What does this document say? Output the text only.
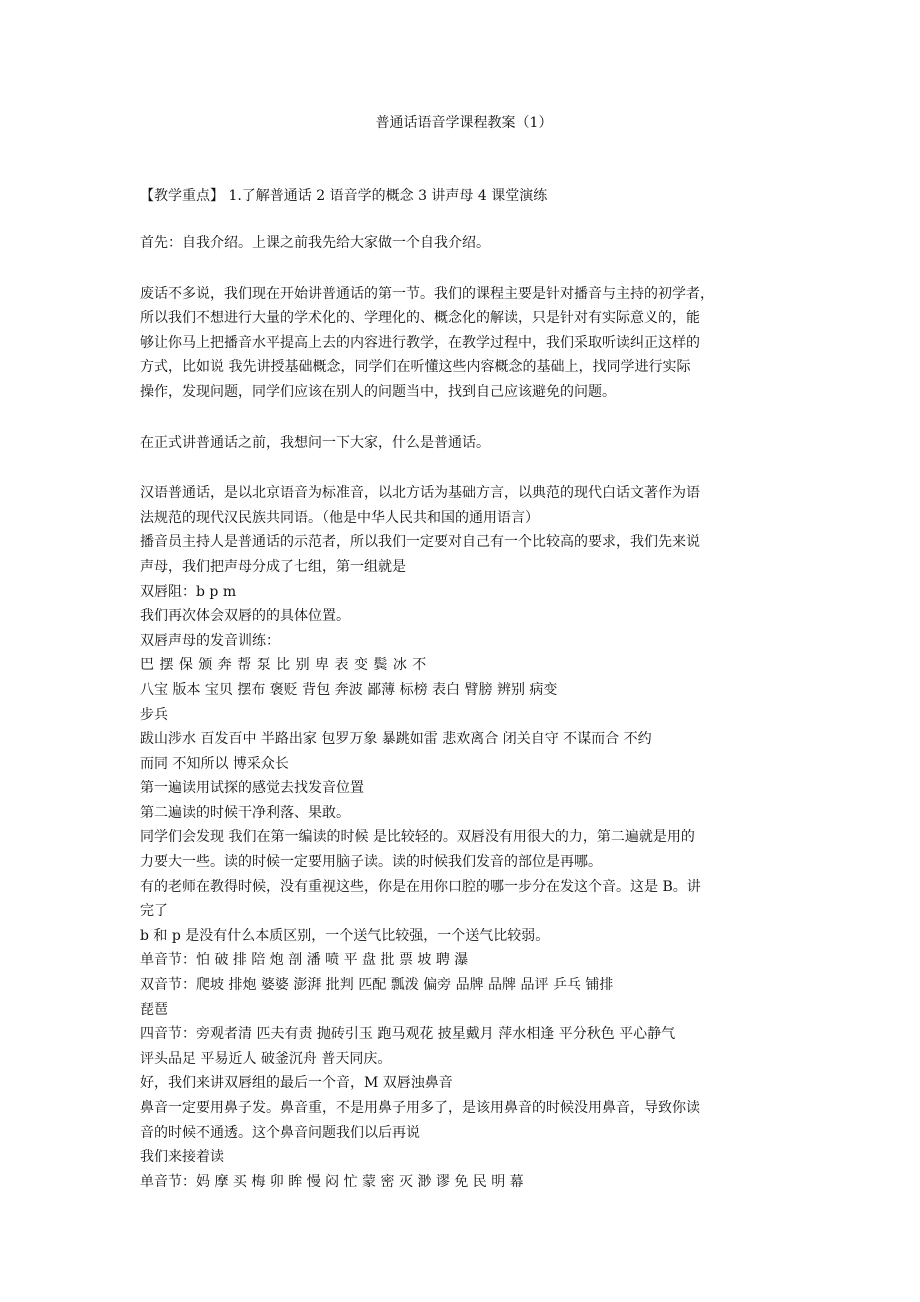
普通话语音学课程教案（1）
【教学重点】 1.了解普通话 2 语音学的概念 3 讲声母 4 课堂演练

首先：自我介绍。上课之前我先给大家做一个自我介绍。

废话不多说，我们现在开始讲普通话的第一节。我们的课程主要是针对播音与主持的初学者，
所以我们不想进行大量的学术化的、学理化的、概念化的解读，只是针对有实际意义的，能
够让你马上把播音水平提高上去的内容进行教学，在教学过程中，我们采取听读纠正这样的
方式，比如说 我先讲授基础概念，同学们在听懂这些内容概念的基础上，找同学进行实际
操作，发现问题，同学们应该在别人的问题当中，找到自己应该避免的问题。

在正式讲普通话之前，我想问一下大家，什么是普通话。

汉语普通话，是以北京语音为标准音，以北方话为基础方言，以典范的现代白话文著作为语
法规范的现代汉民族共同语。（他是中华人民共和国的通用语言）
播音员主持人是普通话的示范者，所以我们一定要对自己有一个比较高的要求，我们先来说
声母，我们把声母分成了七组，第一组就是
双唇阻：b p m
我们再次体会双唇的的具体位置。
双唇声母的发音训练：
巴 摆 保 颁 奔 帮 泵 比 别 卑 表 变 鬓 冰 不
八宝 版本 宝贝 摆布 褒贬 背包 奔波 鄙薄 标榜 表白 臂膀 辨别 病变
步兵
跋山涉水 百发百中 半路出家 包罗万象 暴跳如雷 悲欢离合 闭关自守 不谋而合 不约
而同 不知所以 博采众长
第一遍读用试探的感觉去找发音位置
第二遍读的时候干净利落、果敢。
同学们会发现 我们在第一编读的时候 是比较轻的。双唇没有用很大的力，第二遍就是用的
力要大一些。读的时候一定要用脑子读。读的时候我们发音的部位是再哪。
有的老师在教得时候，没有重视这些，你是在用你口腔的哪一步分在发这个音。这是 B。讲
完了
b 和 p 是没有什么本质区别，一个送气比较强，一个送气比较弱。
单音节：怕 破 排 陪 炮 剖 潘 喷 平 盘 批 票 坡 聘 瀑
双音节：爬坡 排炮 婆婆 澎湃 批判 匹配 瓢泼 偏旁 品牌 品牌 品评 乒乓 铺排
琵琶
四音节：旁观者清 匹夫有责 抛砖引玉 跑马观花 披星戴月 萍水相逢 平分秋色 平心静气
评头品足 平易近人 破釜沉舟 普天同庆。
好，我们来讲双唇组的最后一个音，M 双唇浊鼻音
鼻音一定要用鼻子发。鼻音重，不是用鼻子用多了，是该用鼻音的时候没用鼻音，导致你读
音的时候不通透。这个鼻音问题我们以后再说
我们来接着读
单音节：妈 摩 买 梅 卯 眸 慢 闷 忙 蒙 密 灭 渺 谬 免 民 明 幕
